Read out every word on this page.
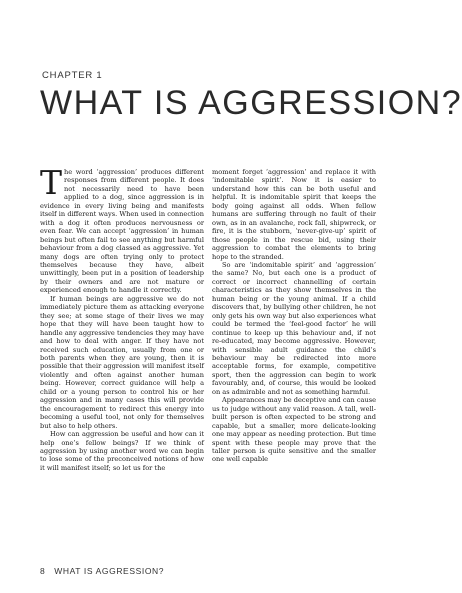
CHAPTER 1
WHAT IS AGGRESSION?

The word ‘aggression’ produces different responses from different people. It does not necessarily need to have been applied to a dog, since aggression is in evidence in every living being and manifests itself in different ways. When used in connection with a dog it often produces nervousness or even fear. We can accept ‘aggression’ in human beings but often fail to see anything but harmful behaviour from a dog classed as aggressive. Yet many dogs are often trying only to protect themselves because they have, albeit unwittingly, been put in a position of leadership by their owners and are not mature or experienced enough to handle it correctly.

If human beings are aggressive we do not immediately picture them as attacking everyone they see; at some stage of their lives we may hope that they will have been taught how to handle any aggressive tendencies they may have and how to deal with anger. If they have not received such education, usually from one or both parents when they are young, then it is possible that their aggression will manifest itself violently and often against another human being. However, correct guidance will help a child or a young person to control his or her aggression and in many cases this will provide the encouragement to redirect this energy into becoming a useful tool, not only for themselves but also to help others.

How can aggression be useful and how can it help one’s fellow beings? If we think of aggression by using another word we can begin to lose some of the preconceived notions of how it will manifest itself; so let us for the

moment forget ‘aggression’ and replace it with ‘indomitable spirit’. Now it is easier to understand how this can be both useful and helpful. It is indomitable spirit that keeps the body going against all odds. When fellow humans are suffering through no fault of their own, as in an avalanche, rock fall, shipwreck, or fire, it is the stubborn, ‘never-give-up’ spirit of those people in the rescue bid, using their aggression to combat the elements to bring hope to the stranded.

So are ‘indomitable spirit’ and ‘aggression’ the same? No, but each one is a product of correct or incorrect channelling of certain characteristics as they show themselves in the human being or the young animal. If a child discovers that, by bullying other children, he not only gets his own way but also experiences what could be termed the ‘feel-good factor’ he will continue to keep up this behaviour and, if not re-educated, may become aggressive. However, with sensible adult guidance the child’s behaviour may be redirected into more acceptable forms, for example, competitive sport, then the aggression can begin to work favourably, and, of course, this would be looked on as admirable and not as something harmful.

Appearances may be deceptive and can cause us to judge without any valid reason. A tall, well-built person is often expected to be strong and capable, but a smaller, more delicate-looking one may appear as needing protection. But time spent with these people may prove that the taller person is quite sensitive and the smaller one well capable

8 WHAT IS AGGRESSION?
